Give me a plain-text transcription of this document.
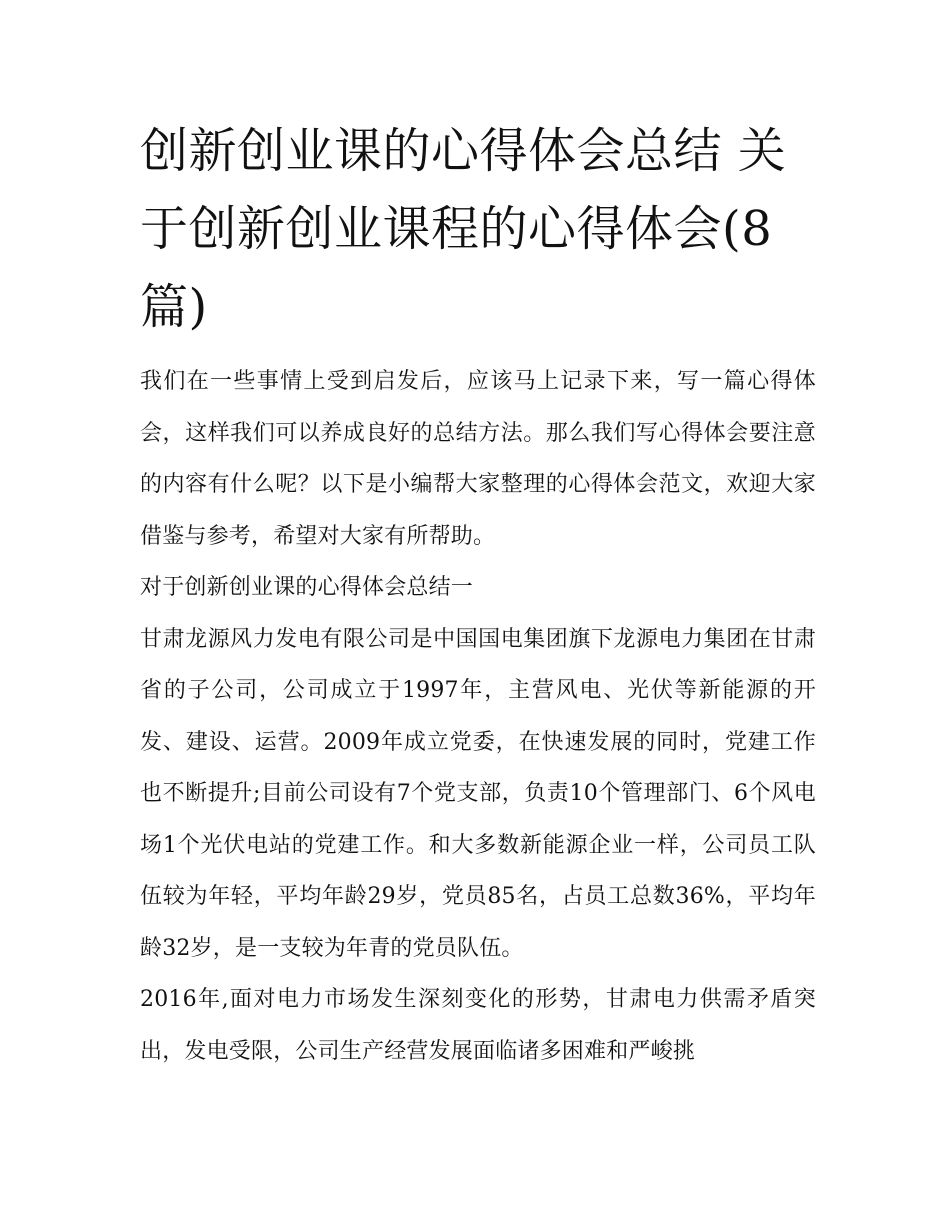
创新创业课的心得体会总结 关于创新创业课程的心得体会(8篇)

我们在一些事情上受到启发后，应该马上记录下来，写一篇心得体会，这样我们可以养成良好的总结方法。那么我们写心得体会要注意的内容有什么呢？以下是小编帮大家整理的心得体会范文，欢迎大家借鉴与参考，希望对大家有所帮助。

对于创新创业课的心得体会总结一

甘肃龙源风力发电有限公司是中国国电集团旗下龙源电力集团在甘肃省的子公司，公司成立于1997年，主营风电、光伏等新能源的开发、建设、运营。2009年成立党委，在快速发展的同时，党建工作也不断提升;目前公司设有7个党支部，负责10个管理部门、6个风电场1个光伏电站的党建工作。和大多数新能源企业一样，公司员工队伍较为年轻，平均年龄29岁，党员85名，占员工总数36%，平均年龄32岁，是一支较为年青的党员队伍。

2016年,面对电力市场发生深刻变化的形势，甘肃电力供需矛盾突出，发电受限，公司生产经营发展面临诸多困难和严峻挑
